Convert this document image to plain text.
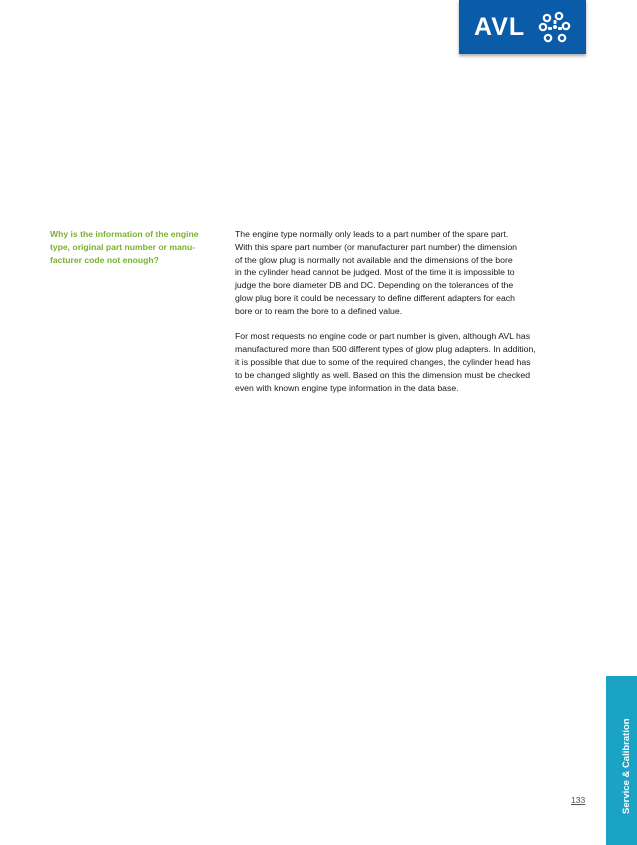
AVL
Why is the information of the engine
type, original part number or manu-
facturer code not enough?
The engine type normally only leads to a part number of the spare part.
With this spare part number (or manufacturer part number) the dimension
of the glow plug is normally not available and the dimensions of the bore
in the cylinder head cannot be judged. Most of the time it is impossible to
judge the bore diameter DB and DC. Depending on the tolerances of the
glow plug bore it could be necessary to define different adapters for each
bore or to ream the bore to a defined value.
For most requests no engine code or part number is given, although AVL has
manufactured more than 500 different types of glow plug adapters. In addition,
it is possible that due to some of the required changes, the cylinder head has
to be changed slightly as well. Based on this the dimension must be checked
even with known engine type information in the data base.
Service & Calibration
133
